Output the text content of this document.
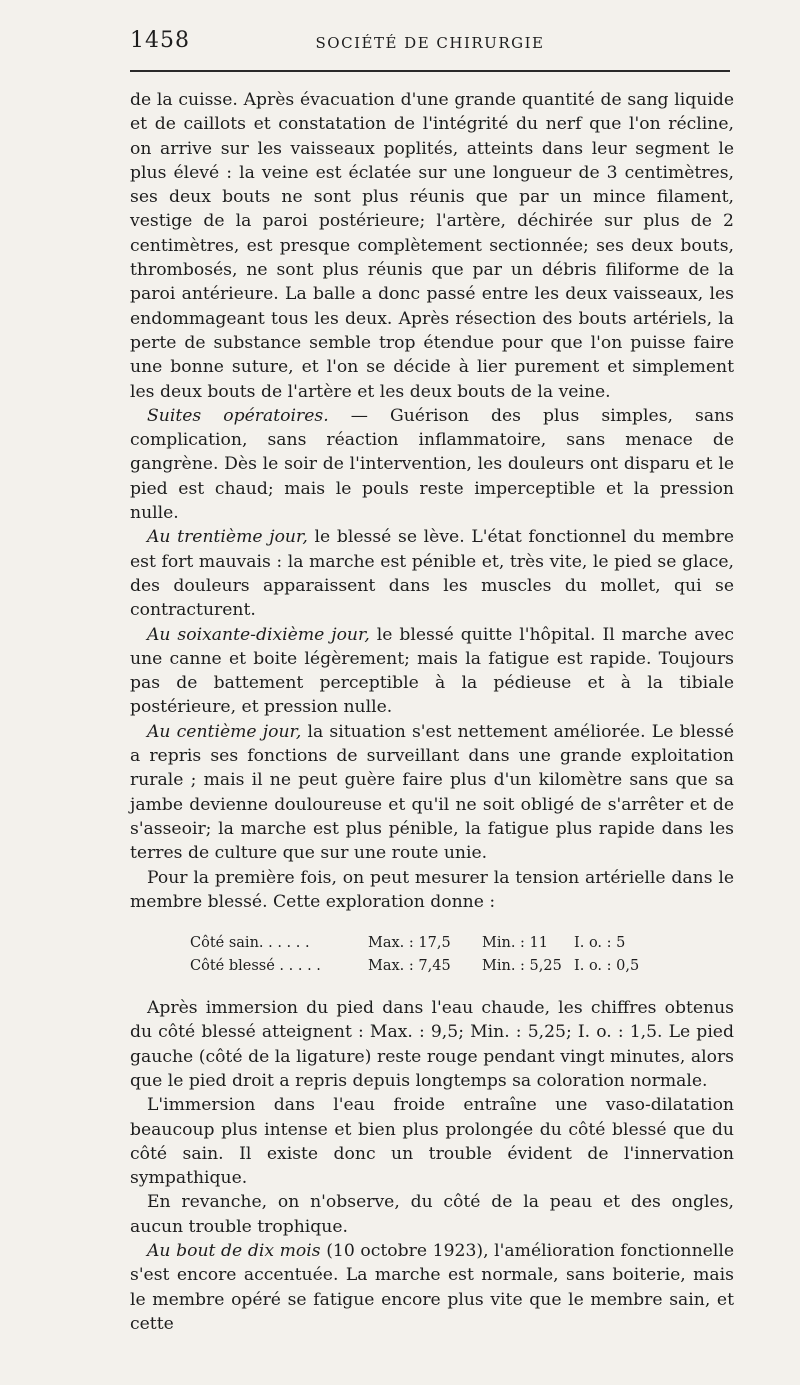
1458	SOCIÉTÉ DE CHIRURGIE

de la cuisse. Après évacuation d'une grande quantité de sang liquide et de caillots et constatation de l'intégrité du nerf que l'on récline, on arrive sur les vaisseaux poplités, atteints dans leur segment le plus élevé : la veine est éclatée sur une longueur de 3 centimètres, ses deux bouts ne sont plus réunis que par un mince filament, vestige de la paroi postérieure; l'artère, déchirée sur plus de 2 centimètres, est presque complètement sectionnée; ses deux bouts, thrombosés, ne sont plus réunis que par un débris filiforme de la paroi antérieure. La balle a donc passé entre les deux vaisseaux, les endommageant tous les deux. Après résection des bouts artériels, la perte de substance semble trop étendue pour que l'on puisse faire une bonne suture, et l'on se décide à lier purement et simplement les deux bouts de l'artère et les deux bouts de la veine.

Suites opératoires. — Guérison des plus simples, sans complication, sans réaction inflammatoire, sans menace de gangrène. Dès le soir de l'intervention, les douleurs ont disparu et le pied est chaud; mais le pouls reste imperceptible et la pression nulle.

Au trentième jour, le blessé se lève. L'état fonctionnel du membre est fort mauvais : la marche est pénible et, très vite, le pied se glace, des douleurs apparaissent dans les muscles du mollet, qui se contracturent.

Au soixante-dixième jour, le blessé quitte l'hôpital. Il marche avec une canne et boite légèrement; mais la fatigue est rapide. Toujours pas de battement perceptible à la pédieuse et à la tibiale postérieure, et pression nulle.

Au centième jour, la situation s'est nettement améliorée. Le blessé a repris ses fonctions de surveillant dans une grande exploitation rurale ; mais il ne peut guère faire plus d'un kilomètre sans que sa jambe devienne douloureuse et qu'il ne soit obligé de s'arrêter et de s'asseoir; la marche est plus pénible, la fatigue plus rapide dans les terres de culture que sur une route unie.

Pour la première fois, on peut mesurer la tension artérielle dans le membre blessé. Cette exploration donne :

Côté sain. . . . . .	Max. : 17,5	Min. : 11	I. o. : 5
Côté blessé . . . . .	Max. : 7,45	Min. : 5,25 I. o. : 0,5

Après immersion du pied dans l'eau chaude, les chiffres obtenus du côté blessé atteignent : Max. : 9,5; Min. : 5,25; I. o. : 1,5. Le pied gauche (côté de la ligature) reste rouge pendant vingt minutes, alors que le pied droit a repris depuis longtemps sa coloration normale.

L'immersion dans l'eau froide entraîne une vaso-dilatation beaucoup plus intense et bien plus prolongée du côté blessé que du côté sain. Il existe donc un trouble évident de l'innervation sympathique.

En revanche, on n'observe, du côté de la peau et des ongles, aucun trouble trophique.

Au bout de dix mois (10 octobre 1923), l'amélioration fonctionnelle s'est encore accentuée. La marche est normale, sans boiterie, mais le membre opéré se fatigue encore plus vite que le membre sain, et cette
